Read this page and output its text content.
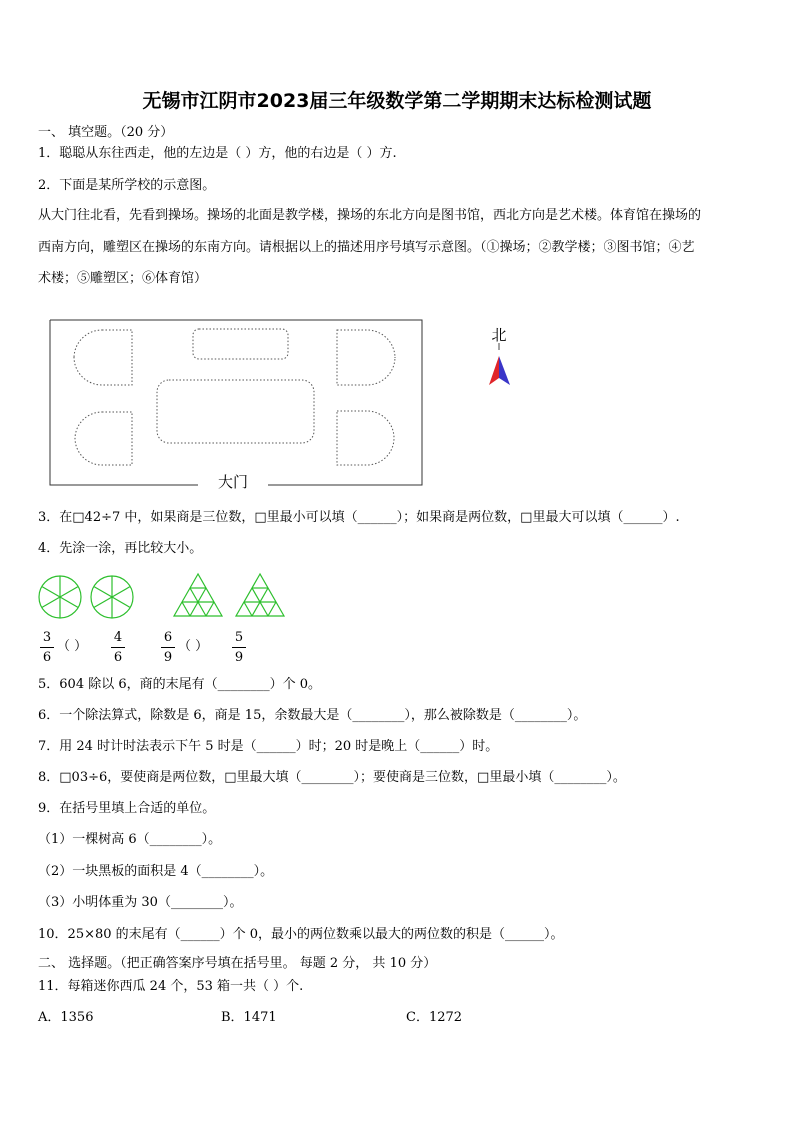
无锡市江阴市2023届三年级数学第二学期期末达标检测试题
一、 填空题。（20 分）
1．聪聪从东往西走，他的左边是（ ）方，他的右边是（ ）方.
2．下面是某所学校的示意图。
从大门往北看，先看到操场。操场的北面是教学楼，操场的东北方向是图书馆，西北方向是艺术楼。体育馆在操场的
西南方向，雕塑区在操场的东南方向。请根据以上的描述用序号填写示意图。（①操场；②教学楼；③图书馆；④艺
术楼；⑤雕塑区；⑥体育馆）
大门
北
3．在□42÷7 中，如果商是三位数，□里最小可以填（______）；如果商是两位数，□里最大可以填（______）.
4．先涂一涂，再比较大小。
3
6
（ ）
4
6
6
9
（ ）
5
9
5．604 除以 6，商的末尾有（________）个 0。
6．一个除法算式，除数是 6，商是 15，余数最大是（________），那么被除数是（________）。
7．用 24 时计时法表示下午 5 时是（______）时；20 时是晚上（______）时。
8．□03÷6，要使商是两位数，□里最大填（________）；要使商是三位数，□里最小填（________）。
9．在括号里填上合适的单位。
（1）一棵树高 6（________）。
（2）一块黑板的面积是 4（________）。
（3）小明体重为 30（________）。
10．25×80 的末尾有（______）个 0，最小的两位数乘以最大的两位数的积是（______）。
二、 选择题。（把正确答案序号填在括号里。 每题 2 分， 共 10 分）
11．每箱迷你西瓜 24 个，53 箱一共（ ）个.
A．1356	B．1471	C．1272
